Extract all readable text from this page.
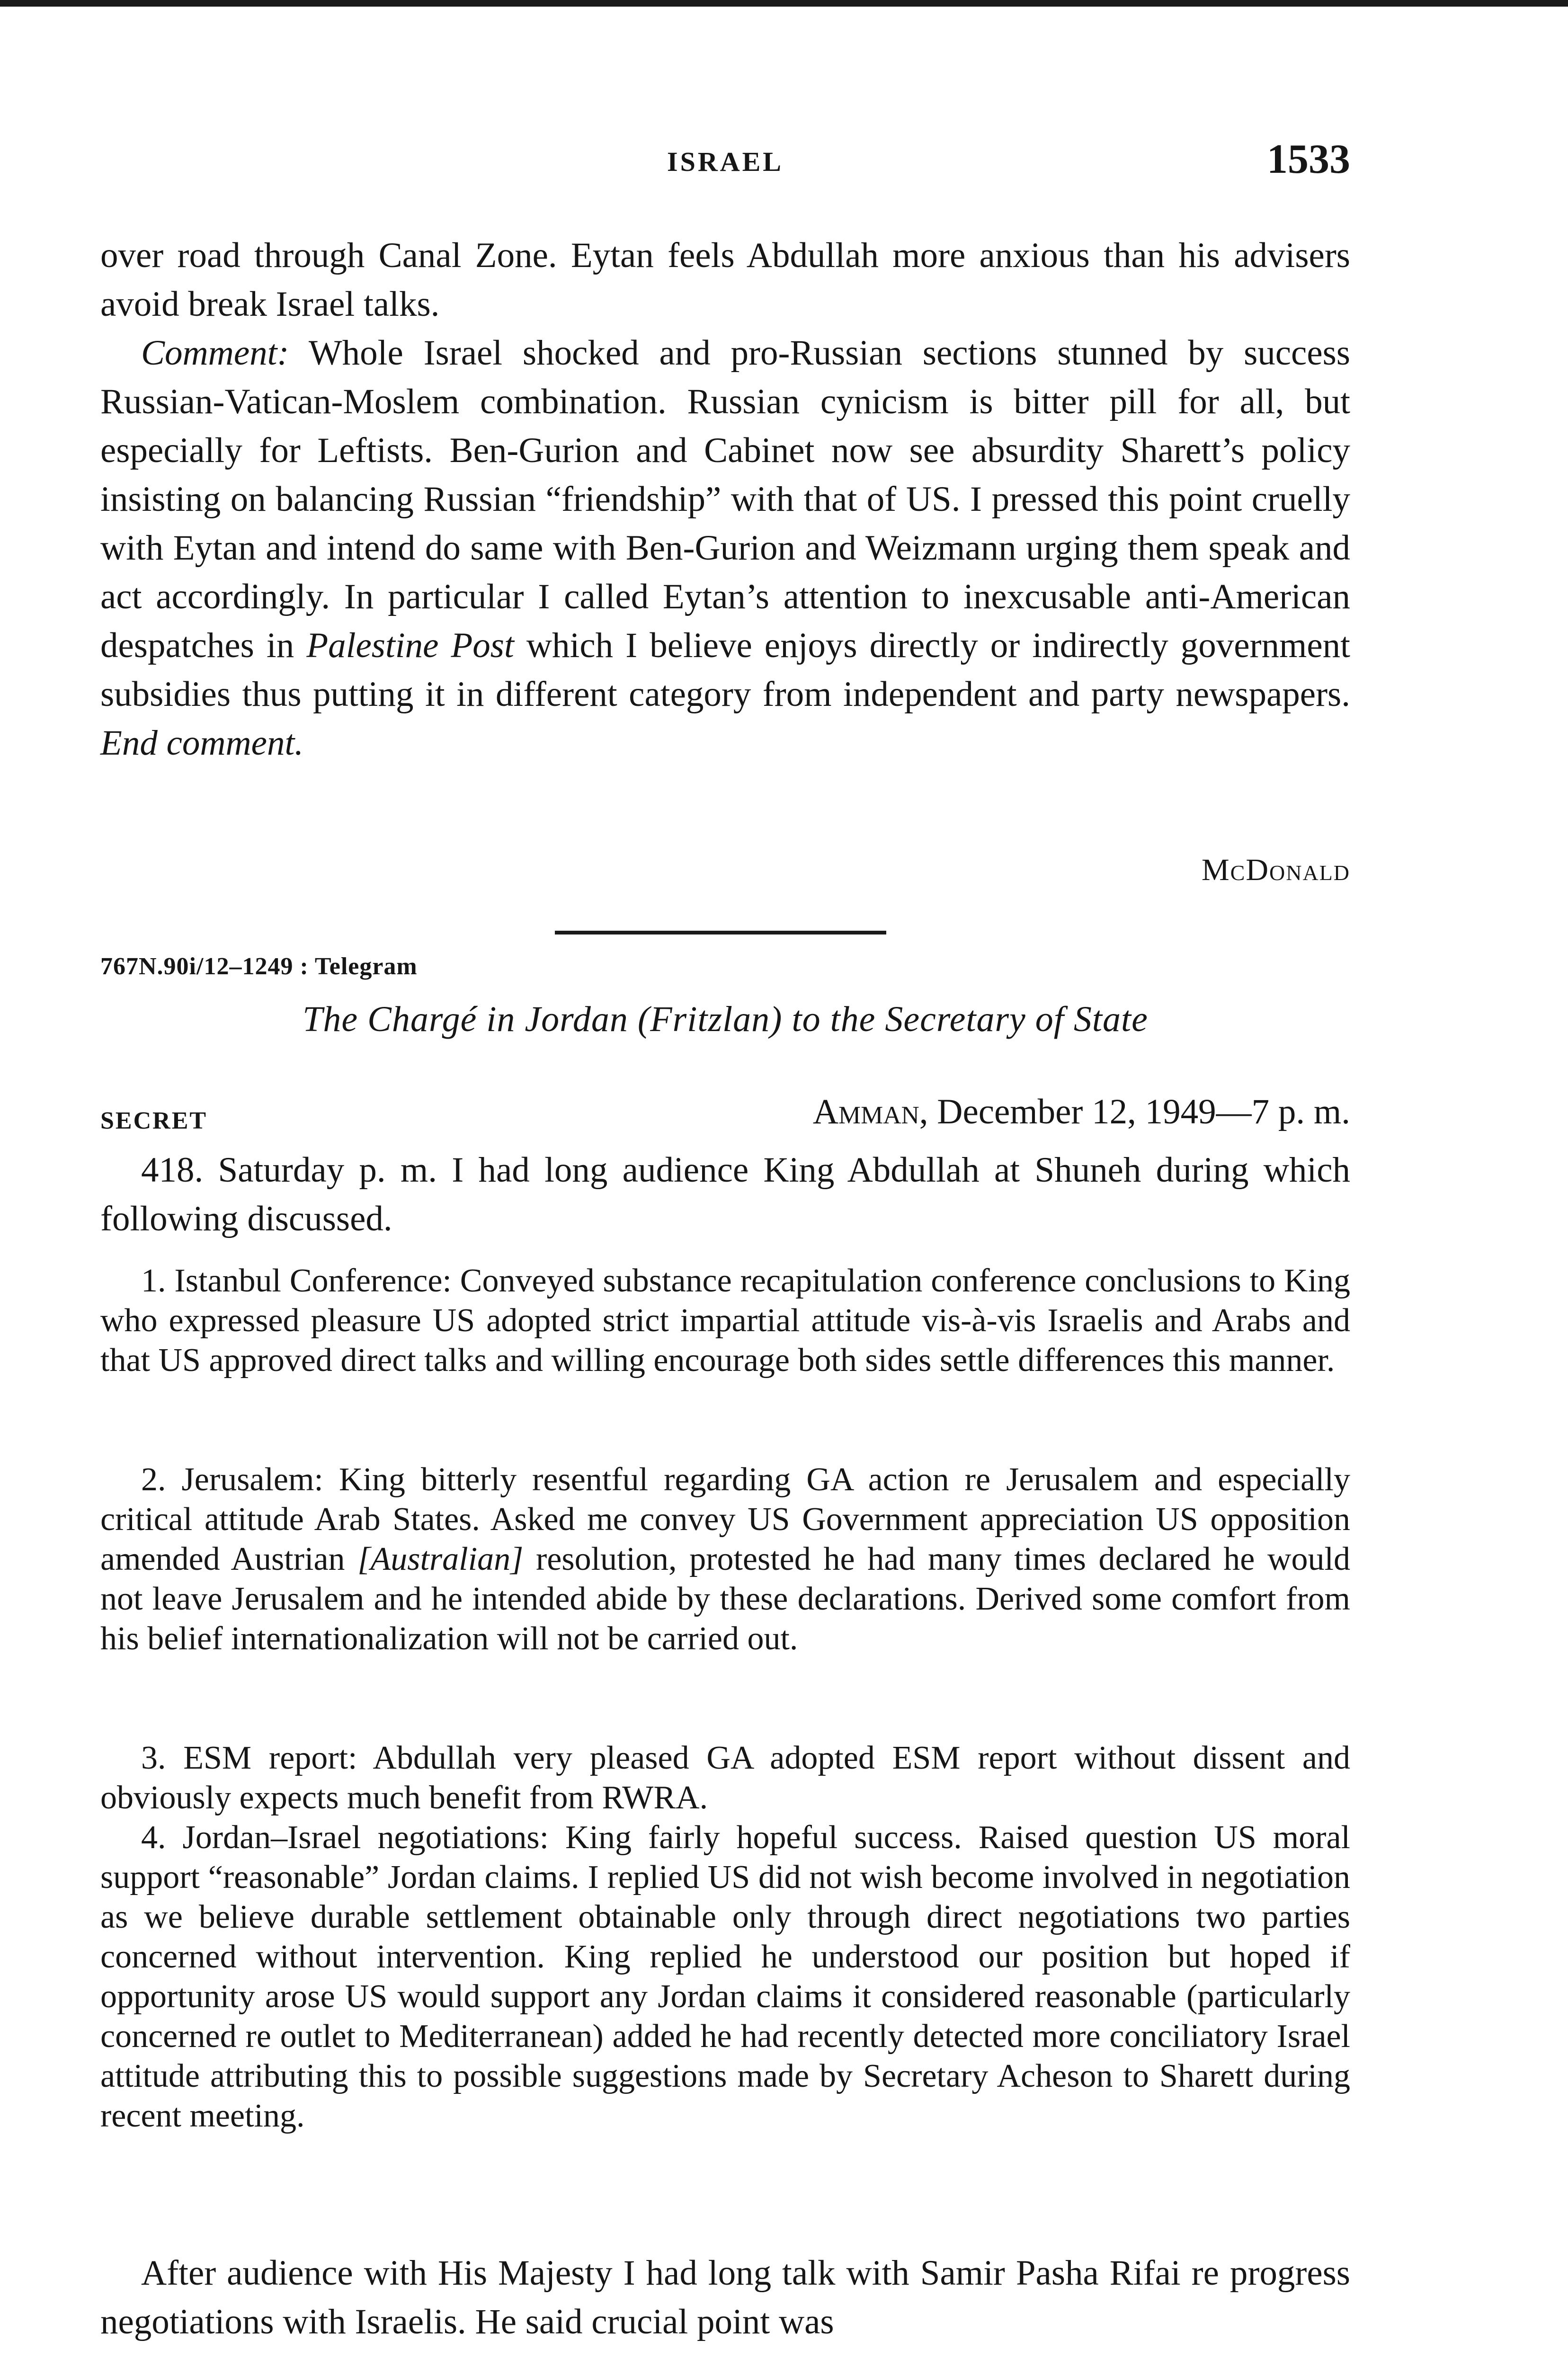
ISRAEL	1533

over road through Canal Zone. Eytan feels Abdullah more anxious than his advisers avoid break Israel talks.

Comment: Whole Israel shocked and pro-Russian sections stunned by success Russian-Vatican-Moslem combination. Russian cynicism is bitter pill for all, but especially for Leftists. Ben-Gurion and Cabinet now see absurdity Sharett’s policy insisting on balancing Russian “friendship” with that of US. I pressed this point cruelly with Eytan and intend do same with Ben-Gurion and Weizmann urging them speak and act accordingly. In particular I called Eytan’s attention to inexcusable anti-American despatches in Palestine Post which I believe enjoys directly or indirectly government subsidies thus putting it in different category from independent and party newspapers. End comment.

McDonald
767N.90i/12–1249 : Telegram
The Chargé in Jordan (Fritzlan) to the Secretary of State
SECRET	Amman, December 12, 1949—7 p. m.

418. Saturday p. m. I had long audience King Abdullah at Shuneh during which following discussed.

1. Istanbul Conference: Conveyed substance recapitulation conference conclusions to King who expressed pleasure US adopted strict impartial attitude vis-à-vis Israelis and Arabs and that US approved direct talks and willing encourage both sides settle differences this manner.

2. Jerusalem: King bitterly resentful regarding GA action re Jerusalem and especially critical attitude Arab States. Asked me convey US Government appreciation US opposition amended Austrian [Australian] resolution, protested he had many times declared he would not leave Jerusalem and he intended abide by these declarations. Derived some comfort from his belief internationalization will not be carried out.

3. ESM report: Abdullah very pleased GA adopted ESM report without dissent and obviously expects much benefit from RWRA.

4. Jordan–Israel negotiations: King fairly hopeful success. Raised question US moral support “reasonable” Jordan claims. I replied US did not wish become involved in negotiation as we believe durable settlement obtainable only through direct negotiations two parties concerned without intervention. King replied he understood our position but hoped if opportunity arose US would support any Jordan claims it considered reasonable (particularly concerned re outlet to Mediterranean) added he had recently detected more conciliatory Israel attitude attributing this to possible suggestions made by Secretary Acheson to Sharett during recent meeting.

After audience with His Majesty I had long talk with Samir Pasha Rifai re progress negotiations with Israelis. He said crucial point was
